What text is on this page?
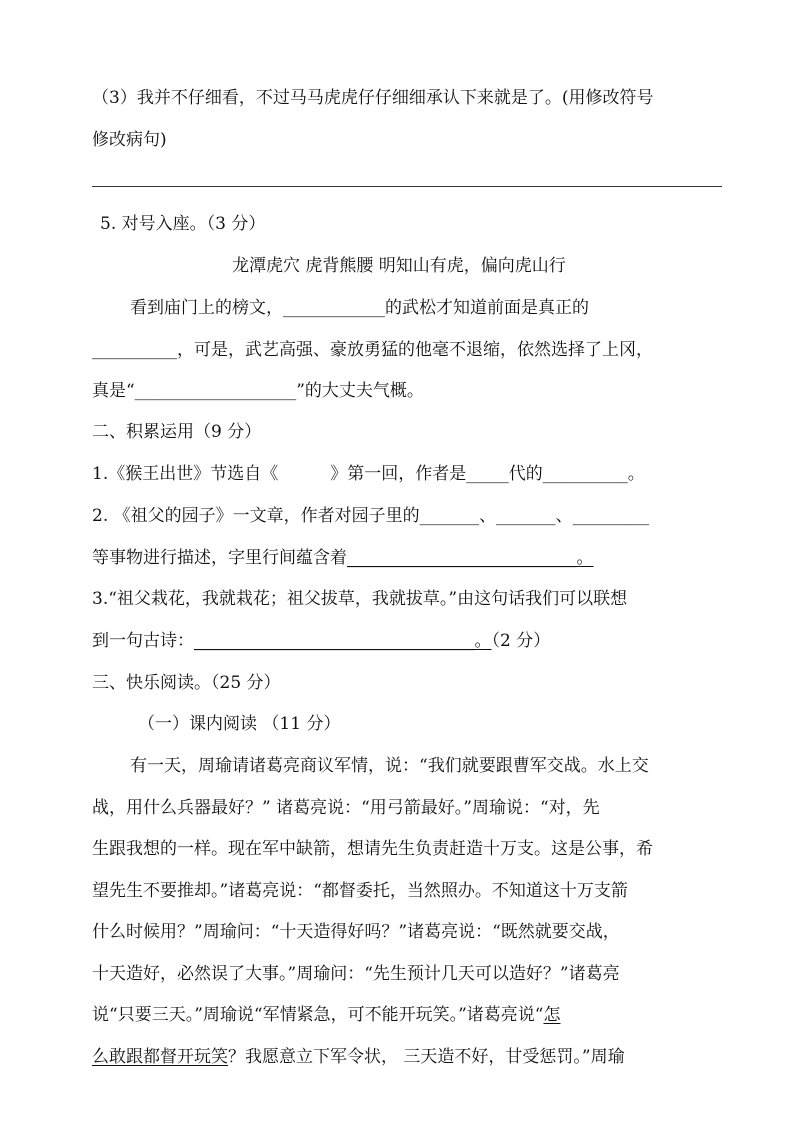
（3）我并不仔细看，不过马马虎虎仔仔细细承认下来就是了。(用修改符号
修改病句)
5. 对号入座。（3 分）
龙潭虎穴 虎背熊腰 明知山有虎，偏向虎山行
看到庙门上的榜文，____________的武松才知道前面是真正的
__________，可是，武艺高强、豪放勇猛的他毫不退缩，依然选择了上冈，
真是“___________________”的大丈夫气概。
二、积累运用（9 分）
1.《猴王出世》节选自《	》第一回，作者是_____代的__________。
2. 《祖父的园子》一文章，作者对园子里的_______、_______、_________
等事物进行描述，字里行间蕴含着___________________________。
3.“祖父栽花，我就栽花；祖父拔草，我就拔草。”由这句话我们可以联想
到一句古诗：_________________________________。（2 分）
三、快乐阅读。（25 分）
（一）课内阅读 （11 分）
有一天，周瑜请诸葛亮商议军情，说：“我们就要跟曹军交战。水上交
战，用什么兵器最好？” 诸葛亮说：“用弓箭最好。”周瑜说：“对，先
生跟我想的一样。现在军中缺箭，想请先生负责赶造十万支。这是公事，希
望先生不要推却。”诸葛亮说：“都督委托，当然照办。不知道这十万支箭
什么时候用？”周瑜问：“十天造得好吗？”诸葛亮说：“既然就要交战，
十天造好，必然误了大事。”周瑜问：“先生预计几天可以造好？”诸葛亮
说“只要三天。”周瑜说“军情紧急，可不能开玩笑。”诸葛亮说“怎
么敢跟都督开玩笑？我愿意立下军令状， 三天造不好，甘受惩罚。”周瑜
